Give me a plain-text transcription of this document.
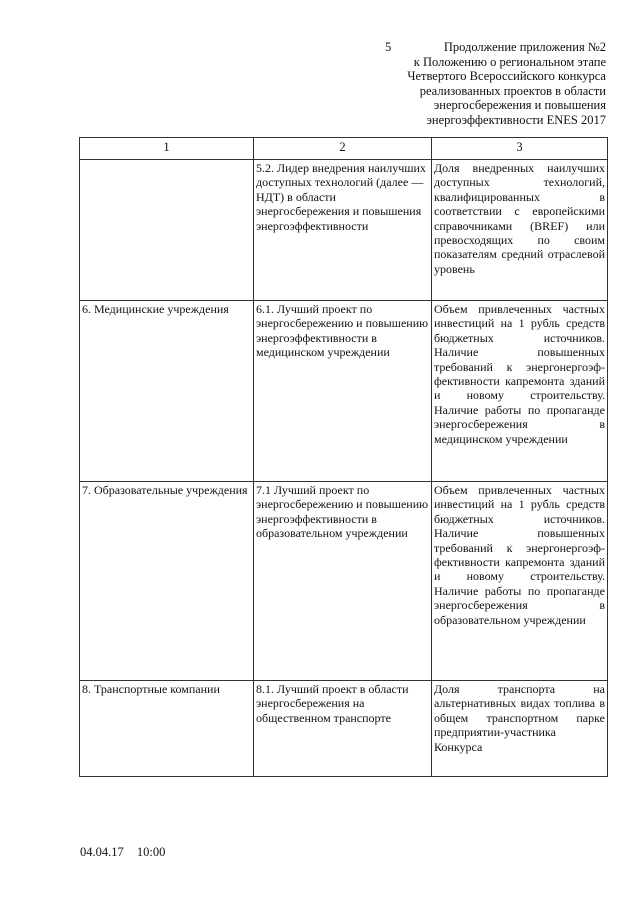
5	Продолжение приложения №2
к Положению о региональном этапе
Четвертого Всероссийского конкурса
реализованных проектов в области
энергосбережения и повышения
энергоэффективности ENES 2017
1	2	3
	5.2. Лидер внедрения наилучших доступных технологий (далее — НДТ) в области энергосбережения и повышения энергоэффективности	Доля внедренных наилучших доступных технологий, квалифицированных в соответствии с европейскими справочниками (BREF) или превосходящих по своим показателям средний отраслевой уровень
6. Медицинские учреждения	6.1. Лучший проект по энергосбережению и повышению энергоэффективности в медицинском учреждении	Объем привлеченных частных инвестиций на 1 рубль средств бюджетных источников. Наличие повышенных требований к энергонергоэф-фективности капремонта зданий и новому строительству. Наличие работы по пропаганде энергосбережения в медицинском учреждении
7. Образовательные учреждения	7.1 Лучший проект по энергосбережению и повышению энергоэффективности в образовательном учреждении	Объем привлеченных частных инвестиций на 1 рубль средств бюджетных источников. Наличие повышенных требований к энергонергоэф-фективности капремонта зданий и новому строительству. Наличие работы по пропаганде энергосбережения в образовательном учреждении
8. Транспортные компании	8.1. Лучший проект в области энергосбережения на общественном транспорте	Доля транспорта на альтернативных видах топлива в общем транспортном парке предприятии-участника Конкурса
04.04.17 10:00
